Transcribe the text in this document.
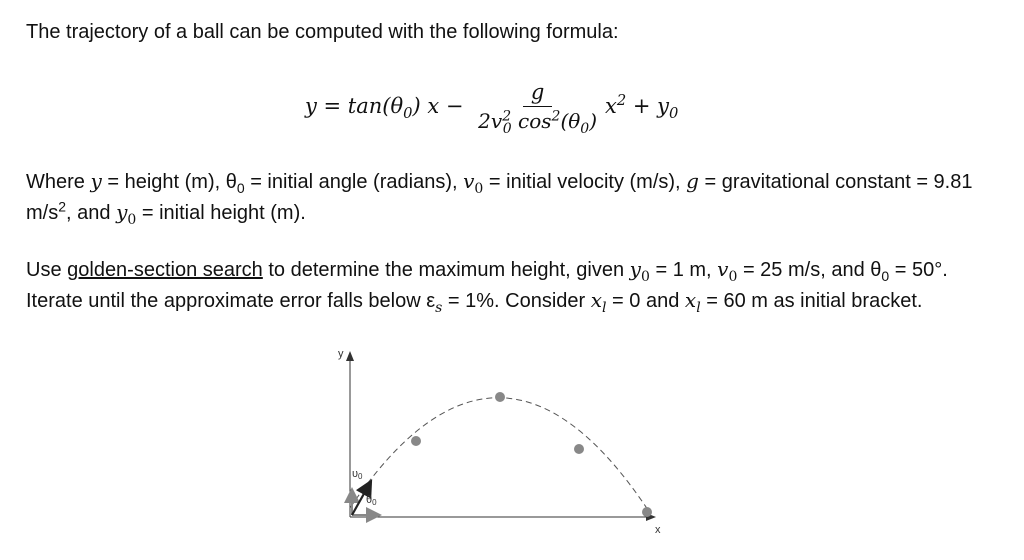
The trajectory of a ball can be computed with the following formula:

$y = \tan(\theta_0) x - \frac{g}{2v^2_0 \cos^2(\theta_0)} x^2 + y_0$

Where y = height (m), $\theta_0$ = initial angle (radians), $v_0$ = initial velocity (m/s), g = gravitational constant = 9.81 $m/s^2$, and $y_0$ = initial height (m).

Use golden-section search to determine the maximum height, given $y_0 = 1$ m, $v_0 = 25$ m/s, and $\theta_0 = 50^\circ$. Iterate until the approximate error falls below $\varepsilon_s = 1\%$. Consider $x_l = 0$ and $x_l = 60$ m as initial bracket.

y
x
υ0
θ0
